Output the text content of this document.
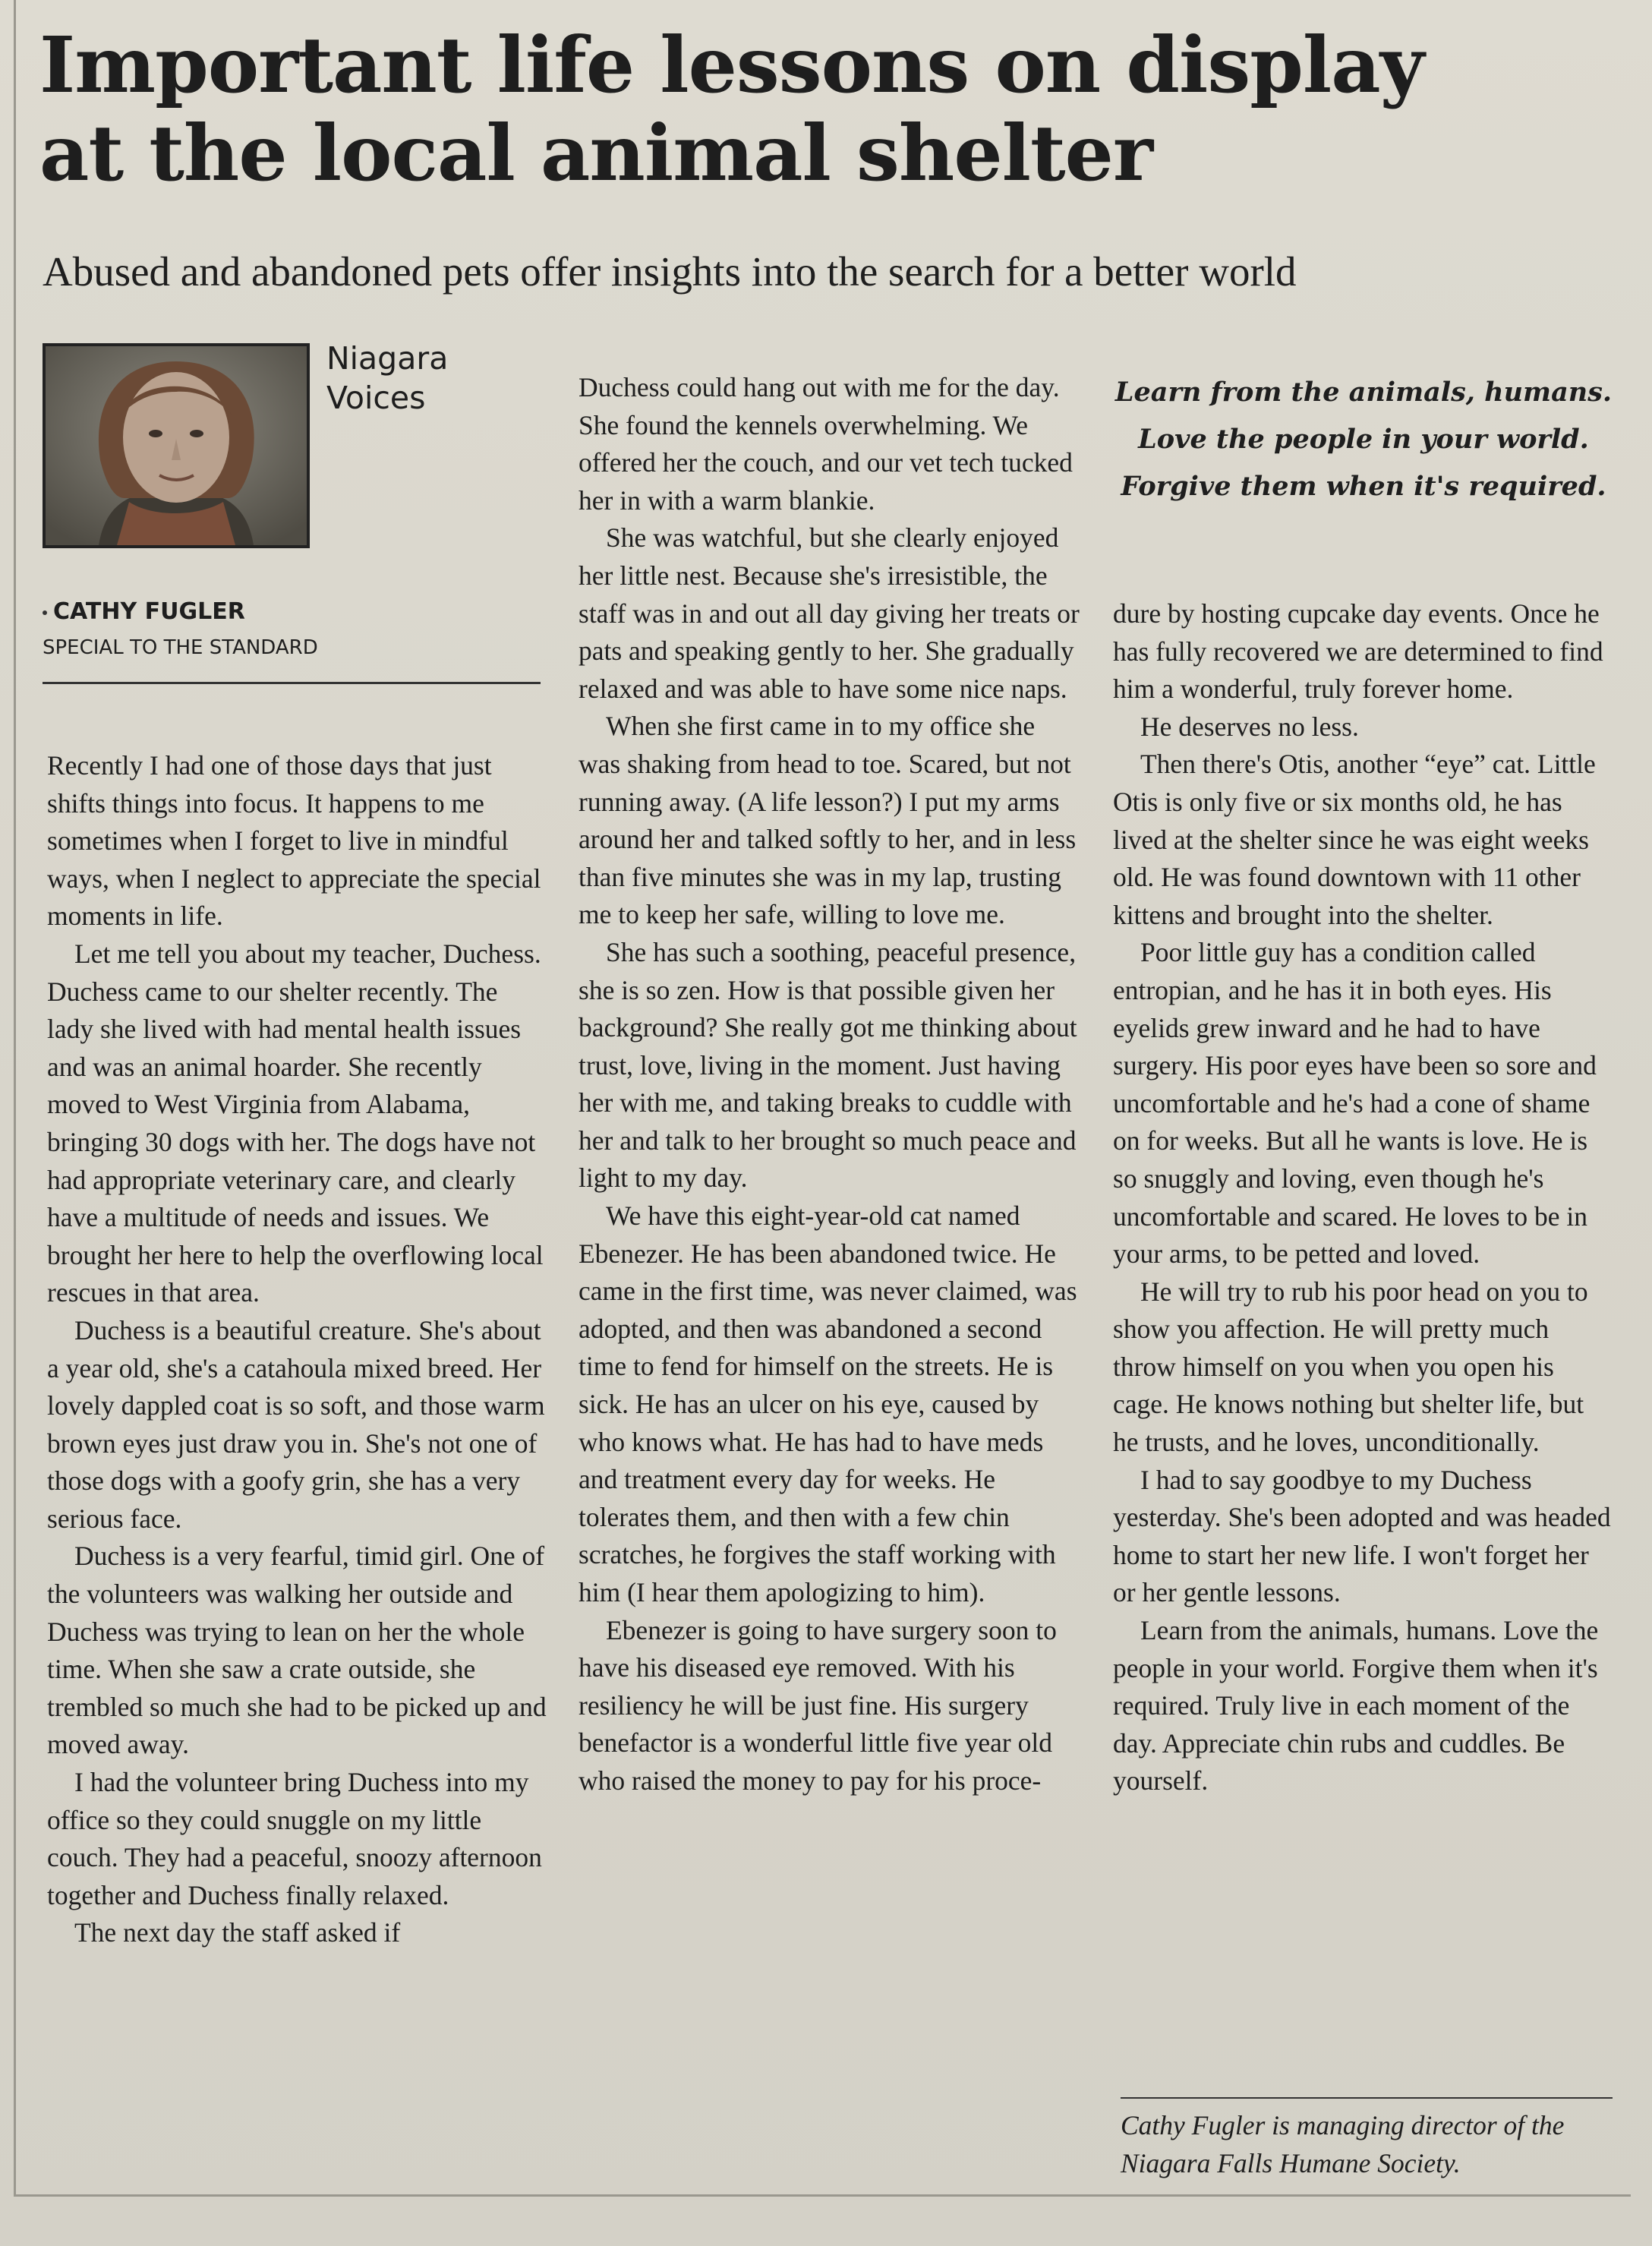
Important life lessons on display
at the local animal shelter
Abused and abandoned pets offer insights into the search for a better world
Niagara
Voices
CATHY FUGLER
SPECIAL TO THE STANDARD

Recently I had one of those days that just shifts things into focus. It happens to me sometimes when I forget to live in mindful ways, when I neglect to appreciate the special moments in life.

Let me tell you about my teacher, Duchess. Duchess came to our shelter recently. The lady she lived with had mental health issues and was an animal hoarder. She recently moved to West Virginia from Alabama, bringing 30 dogs with her. The dogs have not had appropriate veterinary care, and clearly have a multitude of needs and issues. We brought her here to help the overflowing local rescues in that area.

Duchess is a beautiful creature. She's about a year old, she's a catahoula mixed breed. Her lovely dappled coat is so soft, and those warm brown eyes just draw you in. She's not one of those dogs with a goofy grin, she has a very serious face.

Duchess is a very fearful, timid girl. One of the volunteers was walking her outside and Duchess was trying to lean on her the whole time. When she saw a crate outside, she trembled so much she had to be picked up and moved away.

I had the volunteer bring Duchess into my office so they could snuggle on my little couch. They had a peaceful, snoozy afternoon together and Duchess finally relaxed.

The next day the staff asked if

Duchess could hang out with me for the day. She found the kennels overwhelming. We offered her the couch, and our vet tech tucked her in with a warm blankie.

She was watchful, but she clearly enjoyed her little nest. Because she's irresistible, the staff was in and out all day giving her treats or pats and speaking gently to her. She gradually relaxed and was able to have some nice naps.

When she first came in to my office she was shaking from head to toe. Scared, but not running away. (A life lesson?) I put my arms around her and talked softly to her, and in less than five minutes she was in my lap, trusting me to keep her safe, willing to love me.

She has such a soothing, peaceful presence, she is so zen. How is that possible given her background? She really got me thinking about trust, love, living in the moment. Just having her with me, and taking breaks to cuddle with her and talk to her brought so much peace and light to my day.

We have this eight-year-old cat named Ebenezer. He has been abandoned twice. He came in the first time, was never claimed, was adopted, and then was abandoned a second time to fend for himself on the streets. He is sick. He has an ulcer on his eye, caused by who knows what. He has had to have meds and treatment every day for weeks. He tolerates them, and then with a few chin scratches, he forgives the staff working with him (I hear them apologizing to him).

Ebenezer is going to have surgery soon to have his diseased eye removed. With his resiliency he will be just fine. His surgery benefactor is a wonderful little five year old who raised the money to pay for his proce-

Learn from the animals, humans. Love the people in your world. Forgive them when it's required.

dure by hosting cupcake day events. Once he has fully recovered we are determined to find him a wonderful, truly forever home.

He deserves no less.

Then there's Otis, another “eye” cat. Little Otis is only five or six months old, he has lived at the shelter since he was eight weeks old. He was found downtown with 11 other kittens and brought into the shelter.

Poor little guy has a condition called entropian, and he has it in both eyes. His eyelids grew inward and he had to have surgery. His poor eyes have been so sore and uncomfortable and he's had a cone of shame on for weeks. But all he wants is love. He is so snuggly and loving, even though he's uncomfortable and scared. He loves to be in your arms, to be petted and loved.

He will try to rub his poor head on you to show you affection. He will pretty much throw himself on you when you open his cage. He knows nothing but shelter life, but he trusts, and he loves, unconditionally.

I had to say goodbye to my Duchess yesterday. She's been adopted and was headed home to start her new life. I won't forget her or her gentle lessons.

Learn from the animals, humans. Love the people in your world. Forgive them when it's required. Truly live in each moment of the day. Appreciate chin rubs and cuddles. Be yourself.

Cathy Fugler is managing director of the Niagara Falls Humane Society.
